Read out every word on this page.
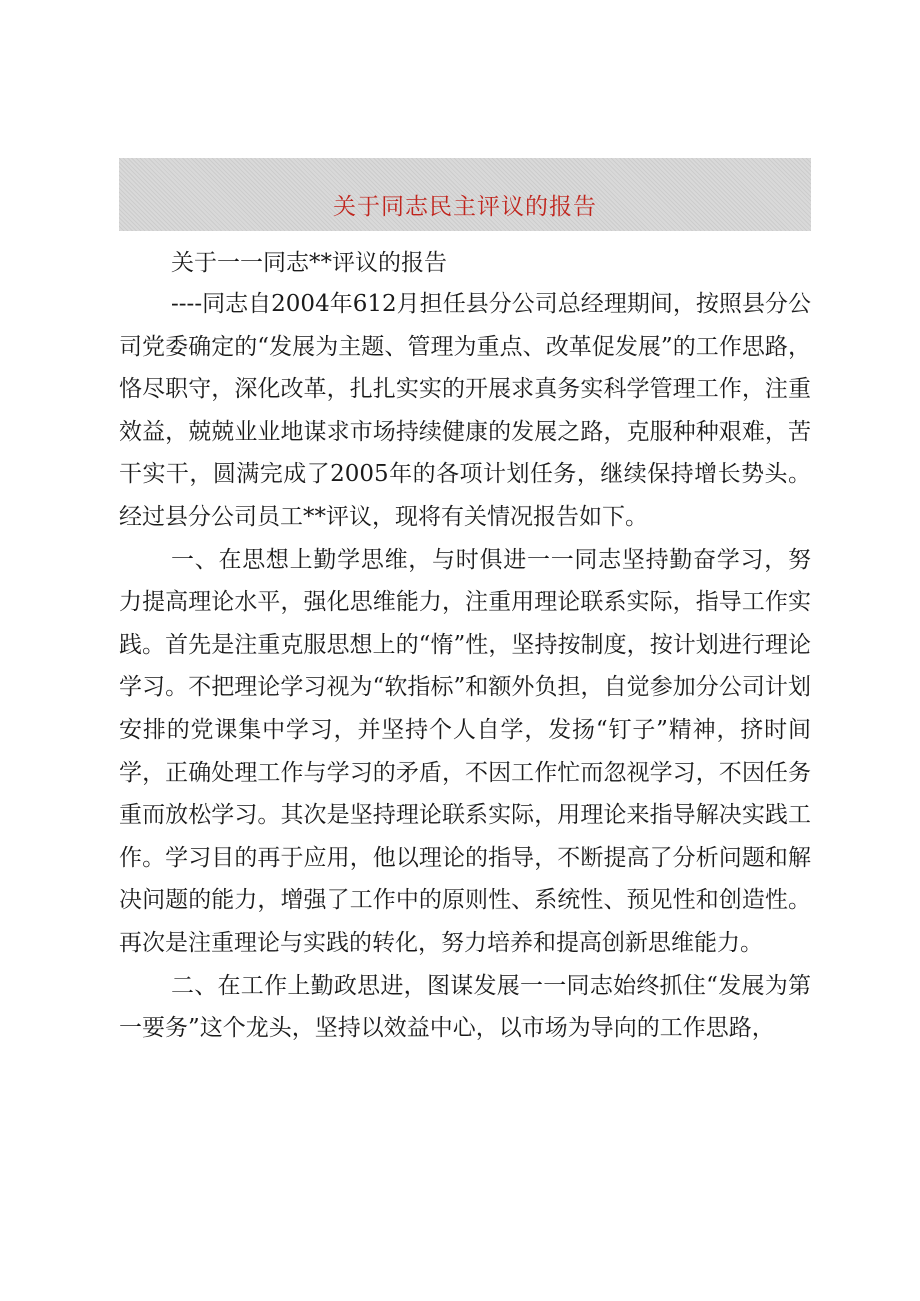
关于同志民主评议的报告

关于一一同志**评议的报告

----同志自2004年612月担任县分公司总经理期间，按照县分公司党委确定的“发展为主题、管理为重点、改革促发展”的工作思路，恪尽职守，深化改革，扎扎实实的开展求真务实科学管理工作，注重效益，兢兢业业地谋求市场持续健康的发展之路，克服种种艰难，苦干实干，圆满完成了2005年的各项计划任务，继续保持增长势头。经过县分公司员工**评议，现将有关情况报告如下。

一、在思想上勤学思维，与时俱进一一同志坚持勤奋学习，努力提高理论水平，强化思维能力，注重用理论联系实际，指导工作实践。首先是注重克服思想上的“惰”性，坚持按制度，按计划进行理论学习。不把理论学习视为“软指标”和额外负担，自觉参加分公司计划安排的党课集中学习，并坚持个人自学，发扬“钉子”精神，挤时间学，正确处理工作与学习的矛盾，不因工作忙而忽视学习，不因任务重而放松学习。其次是坚持理论联系实际，用理论来指导解决实践工作。学习目的再于应用，他以理论的指导，不断提高了分析问题和解决问题的能力，增强了工作中的原则性、系统性、预见性和创造性。再次是注重理论与实践的转化，努力培养和提高创新思维能力。

二、在工作上勤政思进，图谋发展一一同志始终抓住“发展为第一要务”这个龙头，坚持以效益中心，以市场为导向的工作思路，
